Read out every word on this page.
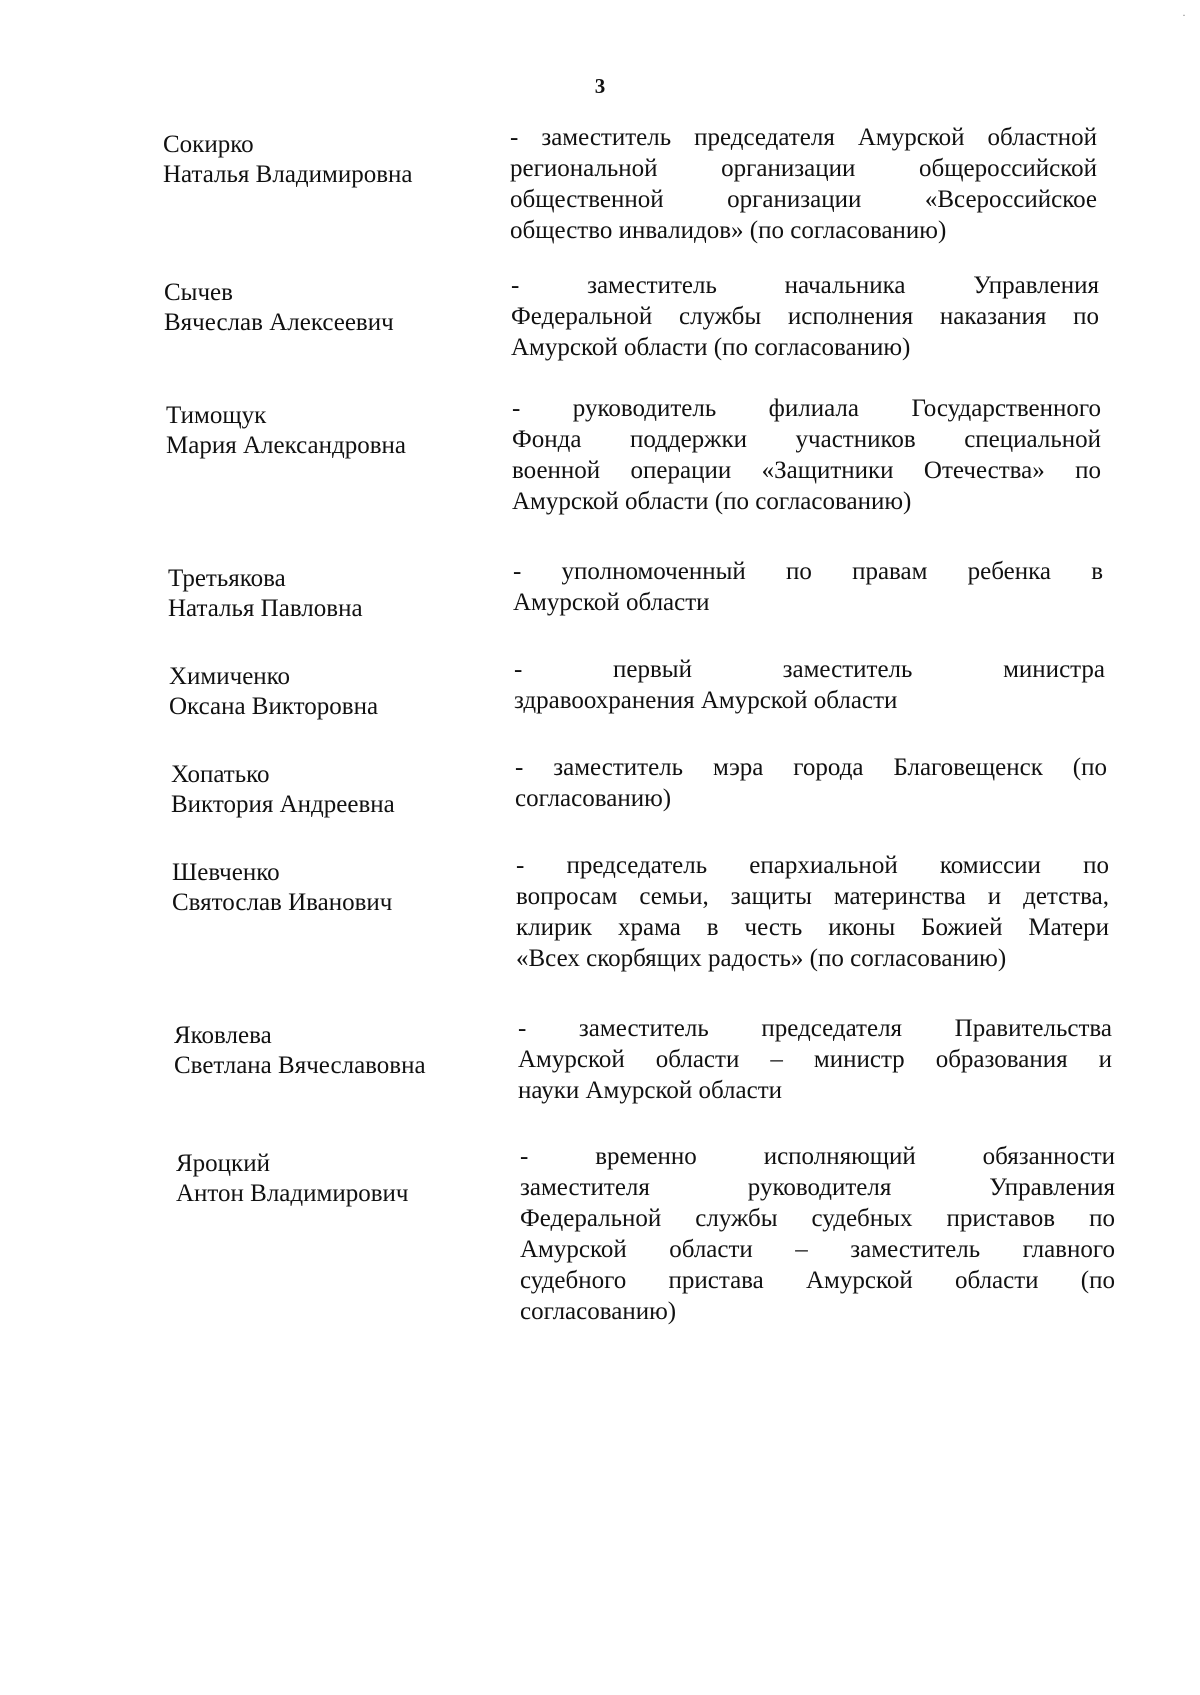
·
3
Сокирко
Наталья Владимировна
- заместитель председателя Амурской областной
региональной организации общероссийской
общественной организации «Всероссийское
общество инвалидов» (по согласованию)
Сычев
Вячеслав Алексеевич
- заместитель начальника Управления
Федеральной службы исполнения наказания по
Амурской области (по согласованию)
Тимощук
Мария Александровна
- руководитель филиала Государственного
Фонда поддержки участников специальной
военной операции «Защитники Отечества» по
Амурской области (по согласованию)
Третьякова
Наталья Павловна
- уполномоченный по правам ребенка в
Амурской области
Химиченко
Оксана Викторовна
- первый заместитель министра
здравоохранения Амурской области
Хопатько
Виктория Андреевна
- заместитель мэра города Благовещенск (по
согласованию)
Шевченко
Святослав Иванович
- председатель епархиальной комиссии по
вопросам семьи, защиты материнства и детства,
клирик храма в честь иконы Божией Матери
«Всех скорбящих радость» (по согласованию)
Яковлева
Светлана Вячеславовна
- заместитель председателя Правительства
Амурской области – министр образования и
науки Амурской области
Яроцкий
Антон Владимирович
- временно исполняющий обязанности
заместителя руководителя Управления
Федеральной службы судебных приставов по
Амурской области – заместитель главного
судебного пристава Амурской области (по
согласованию)
